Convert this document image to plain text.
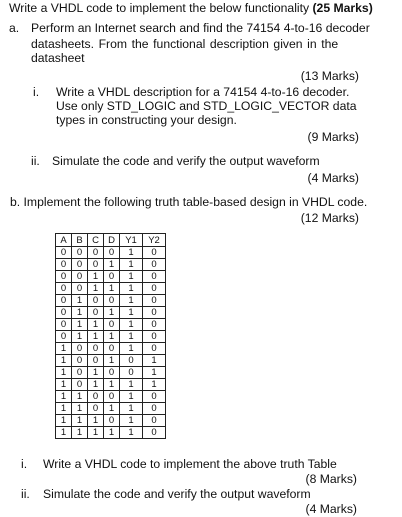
Write a VHDL code to implement the below functionality (25 Marks)
a. Perform an Internet search and find the 74154 4-to-16 decoder
datasheets. From the functional description given in the
datasheet
(13 Marks)
i. Write a VHDL description for a 74154 4-to-16 decoder.
Use only STD_LOGIC and STD_LOGIC_VECTOR data
types in constructing your design.
(9 Marks)
ii. Simulate the code and verify the output waveform
(4 Marks)
b. Implement the following truth table-based design in VHDL code.
(12 Marks)
A	B	C	D	Y1	Y2
0	0	0	0	1	0
0	0	0	1	1	0
0	0	1	0	1	0
0	0	1	1	1	0
0	1	0	0	1	0
0	1	0	1	1	0
0	1	1	0	1	0
0	1	1	1	1	0
1	0	0	0	1	0
1	0	0	1	0	1
1	0	1	0	0	1
1	0	1	1	1	1
1	1	0	0	1	0
1	1	0	1	1	0
1	1	1	0	1	0
1	1	1	1	1	0
i. Write a VHDL code to implement the above truth Table
(8 Marks)
ii. Simulate the code and verify the output waveform
(4 Marks)
